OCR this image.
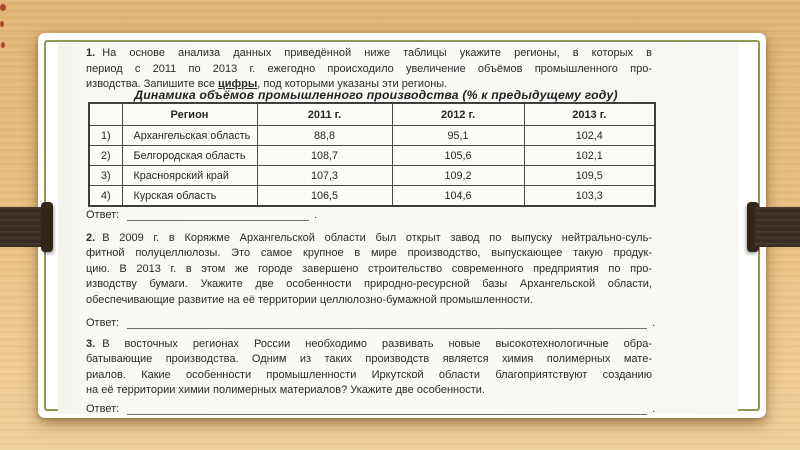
1. На основе анализа данных приведённой ниже таблицы укажите регионы, в которых в
период с 2011 по 2013 г. ежегодно происходило увеличение объёмов промышленного про-
изводства. Запишите все цифры, под которыми указаны эти регионы.
Динамика объёмов промышленного производства (% к предыдущему году)
	Регион	2011 г.	2012 г.	2013 г.
1)	Архангельская область	88,8	95,1	102,4
2)	Белгородская область	108,7	105,6	102,1
3)	Красноярский край	107,3	109,2	109,5
4)	Курская область	106,5	104,6	103,3
Ответ:	.
2. В 2009 г. в Коряжме Архангельской области был открыт завод по выпуску нейтрально-суль-
фитной полуцеллюлозы. Это самое крупное в мире производство, выпускающее такую продук-
цию. В 2013 г. в этом же городе завершено строительство современного предприятия по про-
изводству бумаги. Укажите две особенности природно-ресурсной базы Архангельской области,
обеспечивающие развитие на её территории целлюлозно-бумажной промышленности.
Ответ:	.
3. В восточных регионах России необходимо развивать новые высокотехнологичные обра-
батывающие производства. Одним из таких производств является химия полимерных мате-
риалов. Какие особенности промышленности Иркутской области благоприятствуют созданию
на её территории химии полимерных материалов? Укажите две особенности.
Ответ:	.
